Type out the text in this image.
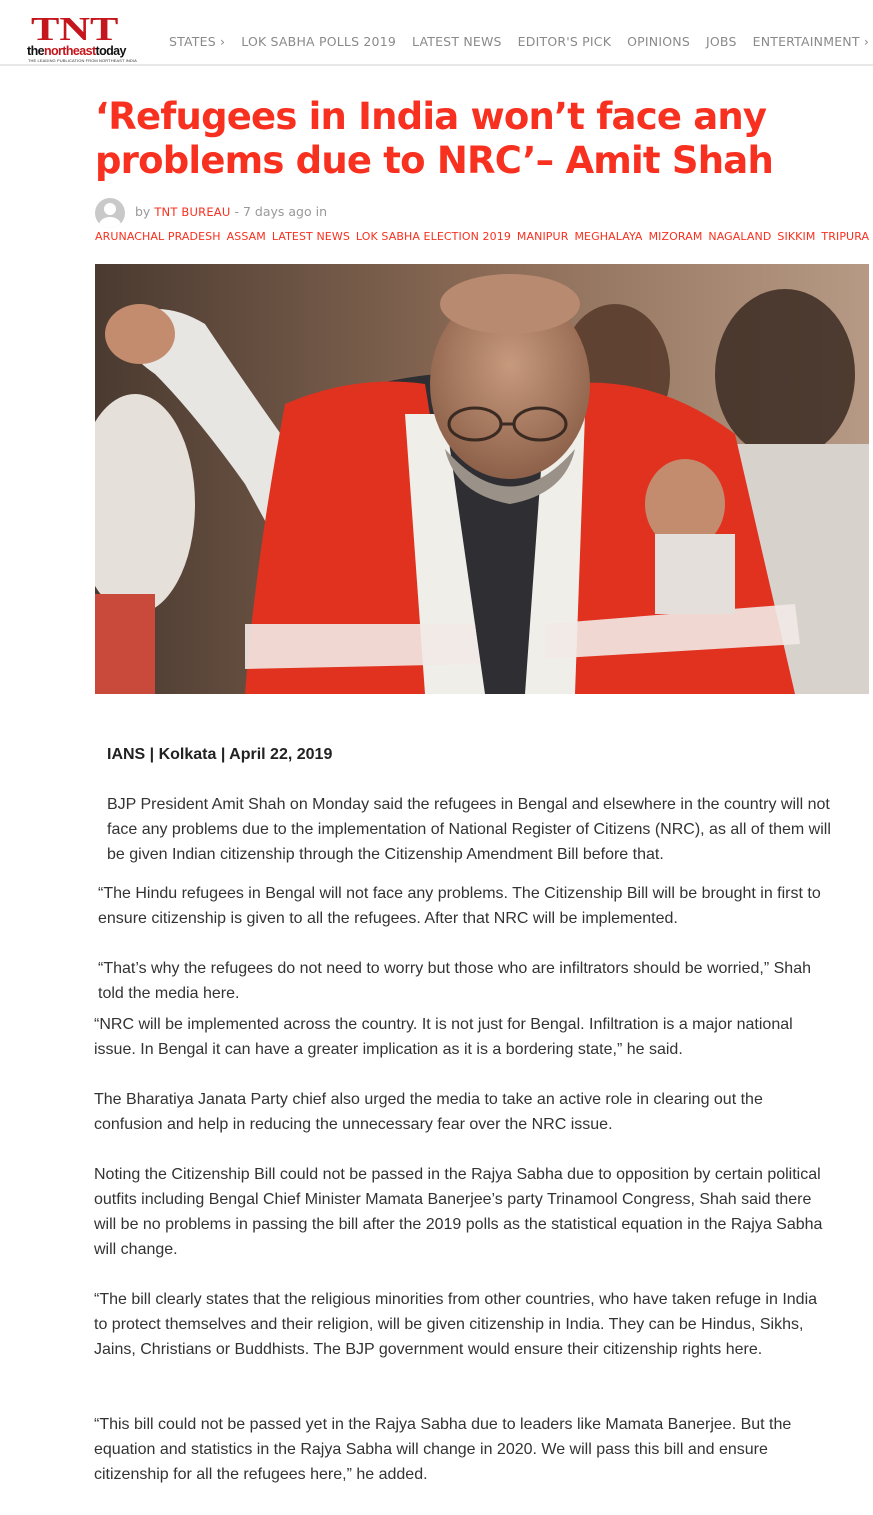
TNT
thenortheasttoday
THE LEADING PUBLICATION FROM NORTHEAST INDIA
STATES › LOK SABHA POLLS 2019 LATEST NEWS EDITOR'S PICK OPINIONS JOBS ENTERTAINMENT ›
‘Refugees in India won’t face any problems due to NRC’– Amit Shah
by TNT BUREAU - 7 days ago in
ARUNACHAL PRADESH ASSAM LATEST NEWS LOK SABHA ELECTION 2019 MANIPUR MEGHALAYA MIZORAM NAGALAND SIKKIM TRIPURA

IANS | Kolkata | April 22, 2019

BJP President Amit Shah on Monday said the refugees in Bengal and elsewhere in the country will not face any problems due to the implementation of National Register of Citizens (NRC), as all of them will be given Indian citizenship through the Citizenship Amendment Bill before that.

“The Hindu refugees in Bengal will not face any problems. The Citizenship Bill will be brought in first to ensure citizenship is given to all the refugees. After that NRC will be implemented.

“That’s why the refugees do not need to worry but those who are infiltrators should be worried,” Shah told the media here.

“NRC will be implemented across the country. It is not just for Bengal. Infiltration is a major national issue. In Bengal it can have a greater implication as it is a bordering state,” he said.

The Bharatiya Janata Party chief also urged the media to take an active role in clearing out the confusion and help in reducing the unnecessary fear over the NRC issue.

Noting the Citizenship Bill could not be passed in the Rajya Sabha due to opposition by certain political outfits including Bengal Chief Minister Mamata Banerjee’s party Trinamool Congress, Shah said there will be no problems in passing the bill after the 2019 polls as the statistical equation in the Rajya Sabha will change.

“The bill clearly states that the religious minorities from other countries, who have taken refuge in India to protect themselves and their religion, will be given citizenship in India. They can be Hindus, Sikhs, Jains, Christians or Buddhists. The BJP government would ensure their citizenship rights here.

“This bill could not be passed yet in the Rajya Sabha due to leaders like Mamata Banerjee. But the equation and statistics in the Rajya Sabha will change in 2020. We will pass this bill and ensure citizenship for all the refugees here,” he added.
